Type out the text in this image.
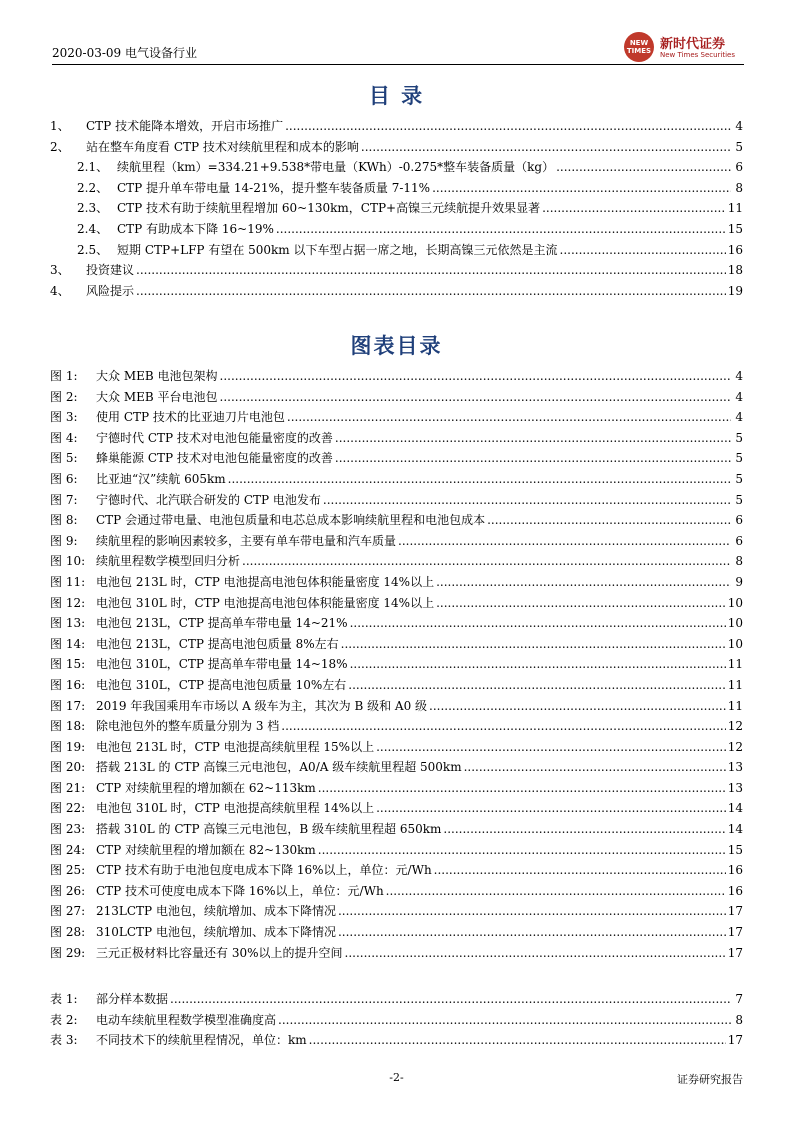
2020-03-09 电气设备行业
NEW TIMES 新时代证券
New Times Securities
目 录
1、	CTP 技术能降本增效，开启市场推广 .....	4
2、	站在整车角度看 CTP 技术对续航里程和成本的影响 .....	5
2.1、 续航里程（km）=334.21+9.538*带电量（KWh）-0.275*整车装备质量（kg） .....	6
2.2、 CTP 提升单车带电量 14-21%，提升整车装备质量 7-11% .....	8
2.3、 CTP 技术有助于续航里程增加 60~130km，CTP+高镍三元续航提升效果显著 .....	11
2.4、 CTP 有助成本下降 16~19% .....	15
2.5、 短期 CTP+LFP 有望在 500km 以下车型占据一席之地，长期高镍三元依然是主流 .....	16
3、	投资建议 .....	18
4、	风险提示 .....	19
图表目录
图 1:	大众 MEB 电池包架构 .....	4
图 2:	大众 MEB 平台电池包 .....	4
图 3:	使用 CTP 技术的比亚迪刀片电池包 .....	4
图 4:	宁德时代 CTP 技术对电池包能量密度的改善 .....	5
图 5:	蜂巢能源 CTP 技术对电池包能量密度的改善 .....	5
图 6:	比亚迪“汉”续航 605km .....	5
图 7:	宁德时代、北汽联合研发的 CTP 电池发布 .....	5
图 8:	CTP 会通过带电量、电池包质量和电芯总成本影响续航里程和电池包成本 .....	6
图 9:	续航里程的影响因素较多，主要有单车带电量和汽车质量 .....	6
图 10: 续航里程数学模型回归分析 .....	8
图 11: 电池包 213L 时，CTP 电池提高电池包体积能量密度 14%以上 .....	9
图 12: 电池包 310L 时，CTP 电池提高电池包体积能量密度 14%以上 .....	10
图 13: 电池包 213L，CTP 提高单车带电量 14~21% .....	10
图 14: 电池包 213L，CTP 提高电池包质量 8%左右 .....	10
图 15: 电池包 310L，CTP 提高单车带电量 14~18% .....	11
图 16: 电池包 310L，CTP 提高电池包质量 10%左右 .....	11
图 17: 2019 年我国乘用车市场以 A 级车为主，其次为 B 级和 A0 级 .....	11
图 18: 除电池包外的整车质量分别为 3 档 .....	12
图 19: 电池包 213L 时，CTP 电池提高续航里程 15%以上 .....	12
图 20: 搭载 213L 的 CTP 高镍三元电池包，A0/A 级车续航里程超 500km .....	13
图 21: CTP 对续航里程的增加额在 62~113km .....	13
图 22: 电池包 310L 时，CTP 电池提高续航里程 14%以上 .....	14
图 23: 搭载 310L 的 CTP 高镍三元电池包，B 级车续航里程超 650km .....	14
图 24: CTP 对续航里程的增加额在 82~130km .....	15
图 25: CTP 技术有助于电池包度电成本下降 16%以上，单位：元/Wh .....	16
图 26: CTP 技术可使度电成本下降 16%以上，单位：元/Wh .....	16
图 27: 213LCTP 电池包，续航增加、成本下降情况 .....	17
图 28: 310LCTP 电池包，续航增加、成本下降情况 .....	17
图 29: 三元正极材料比容量还有 30%以上的提升空间 .....	17
表 1:	部分样本数据 .....	7
表 2:	电动车续航里程数学模型准确度高 .....	8
表 3:	不同技术下的续航里程情况，单位：km .....	17
-2-	证券研究报告
